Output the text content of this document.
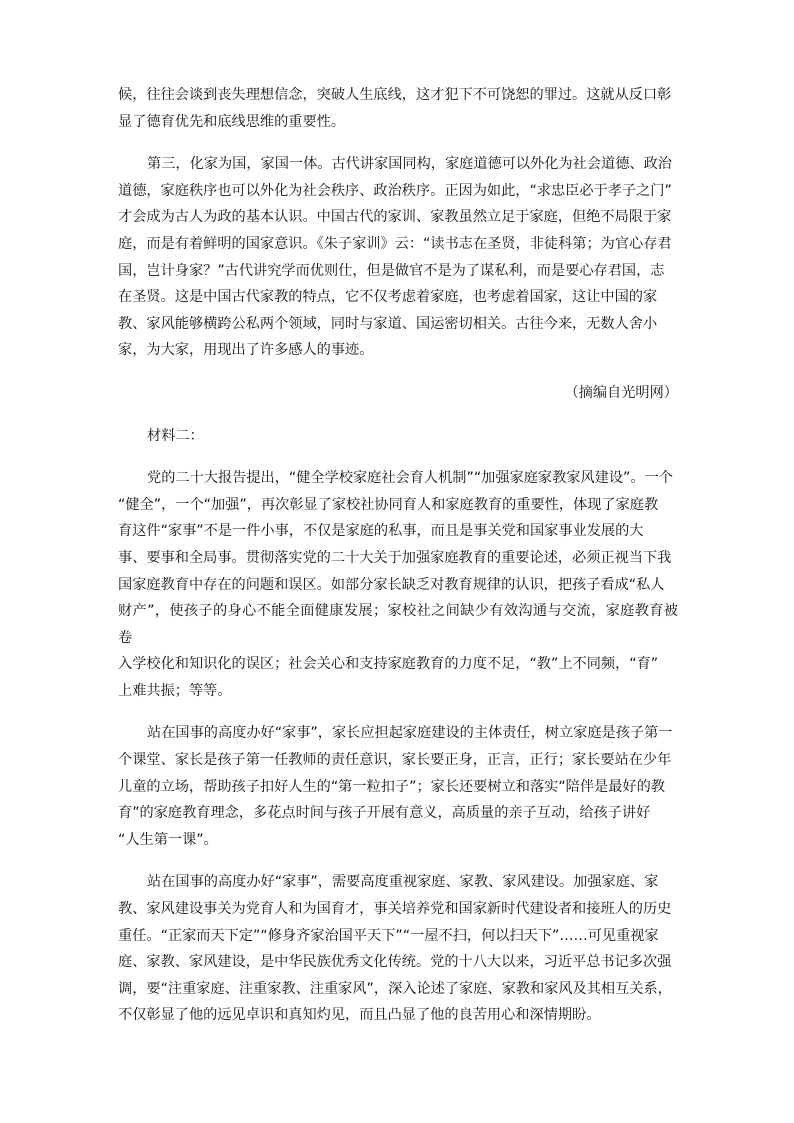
候，往往会谈到丧失理想信念，突破人生底线，这才犯下不可饶恕的罪过。这就从反口彰
显了德育优先和底线思维的重要性。

第三，化家为国，家国一体。古代讲家国同构，家庭道德可以外化为社会道德、政治
道德，家庭秩序也可以外化为社会秩序、政治秩序。正因为如此，“求忠臣必于孝子之门”
才会成为古人为政的基本认识。中国古代的家训、家教虽然立足于家庭，但绝不局限于家
庭，而是有着鲜明的国家意识。《朱子家训》云：“读书志在圣贤，非徒科第；为官心存君
国，岂计身家？”古代讲究学而优则仕，但是做官不是为了谋私利，而是要心存君国，志
在圣贤。这是中国古代家教的特点，它不仅考虑着家庭，也考虑着国家，这让中国的家
教、家风能够横跨公私两个领域，同时与家道、国运密切相关。古往今来，无数人舍小
家，为大家，用现出了许多感人的事迹。

（摘编自光明网）

材料二：

党的二十大报告提出，“健全学校家庭社会育人机制”“加强家庭家教家风建设”。一个
“健全”，一个“加强”，再次彰显了家校社协同育人和家庭教育的重要性，体现了家庭教
育这件“家事”不是一件小事，不仅是家庭的私事，而且是事关党和国家事业发展的大
事、要事和全局事。贯彻落实党的二十大关于加强家庭教育的重要论述，必须正视当下我
国家庭教育中存在的问题和误区。如部分家长缺乏对教育规律的认识，把孩子看成“私人
财产”，使孩子的身心不能全面健康发展；家校社之间缺少有效沟通与交流，家庭教育被卷
入学校化和知识化的误区；社会关心和支持家庭教育的力度不足，“教”上不同频，“育”
上难共振；等等。

站在国事的高度办好“家事”，家长应担起家庭建设的主体责任，树立家庭是孩子第一
个课堂、家长是孩子第一任教师的责任意识，家长要正身，正言，正行；家长要站在少年
儿童的立场，帮助孩子扣好人生的“第一粒扣子”；家长还要树立和落实“陪伴是最好的教
育”的家庭教育理念，多花点时间与孩子开展有意义，高质量的亲子互动，给孩子讲好
“人生第一课”。

站在国事的高度办好“家事”，需要高度重视家庭、家教、家风建设。加强家庭、家
教、家风建设事关为党育人和为国育才，事关培养党和国家新时代建设者和接班人的历史
重任。“正家而天下定”“修身齐家治国平天下”“一屋不扫，何以扫天下”……可见重视家
庭、家教、家风建设，是中华民族优秀文化传统。党的十八大以来，习近平总书记多次强
调，要“注重家庭、注重家教、注重家风”，深入论述了家庭、家教和家风及其相互关系，
不仅彰显了他的远见卓识和真知灼见，而且凸显了他的良苦用心和深情期盼。
